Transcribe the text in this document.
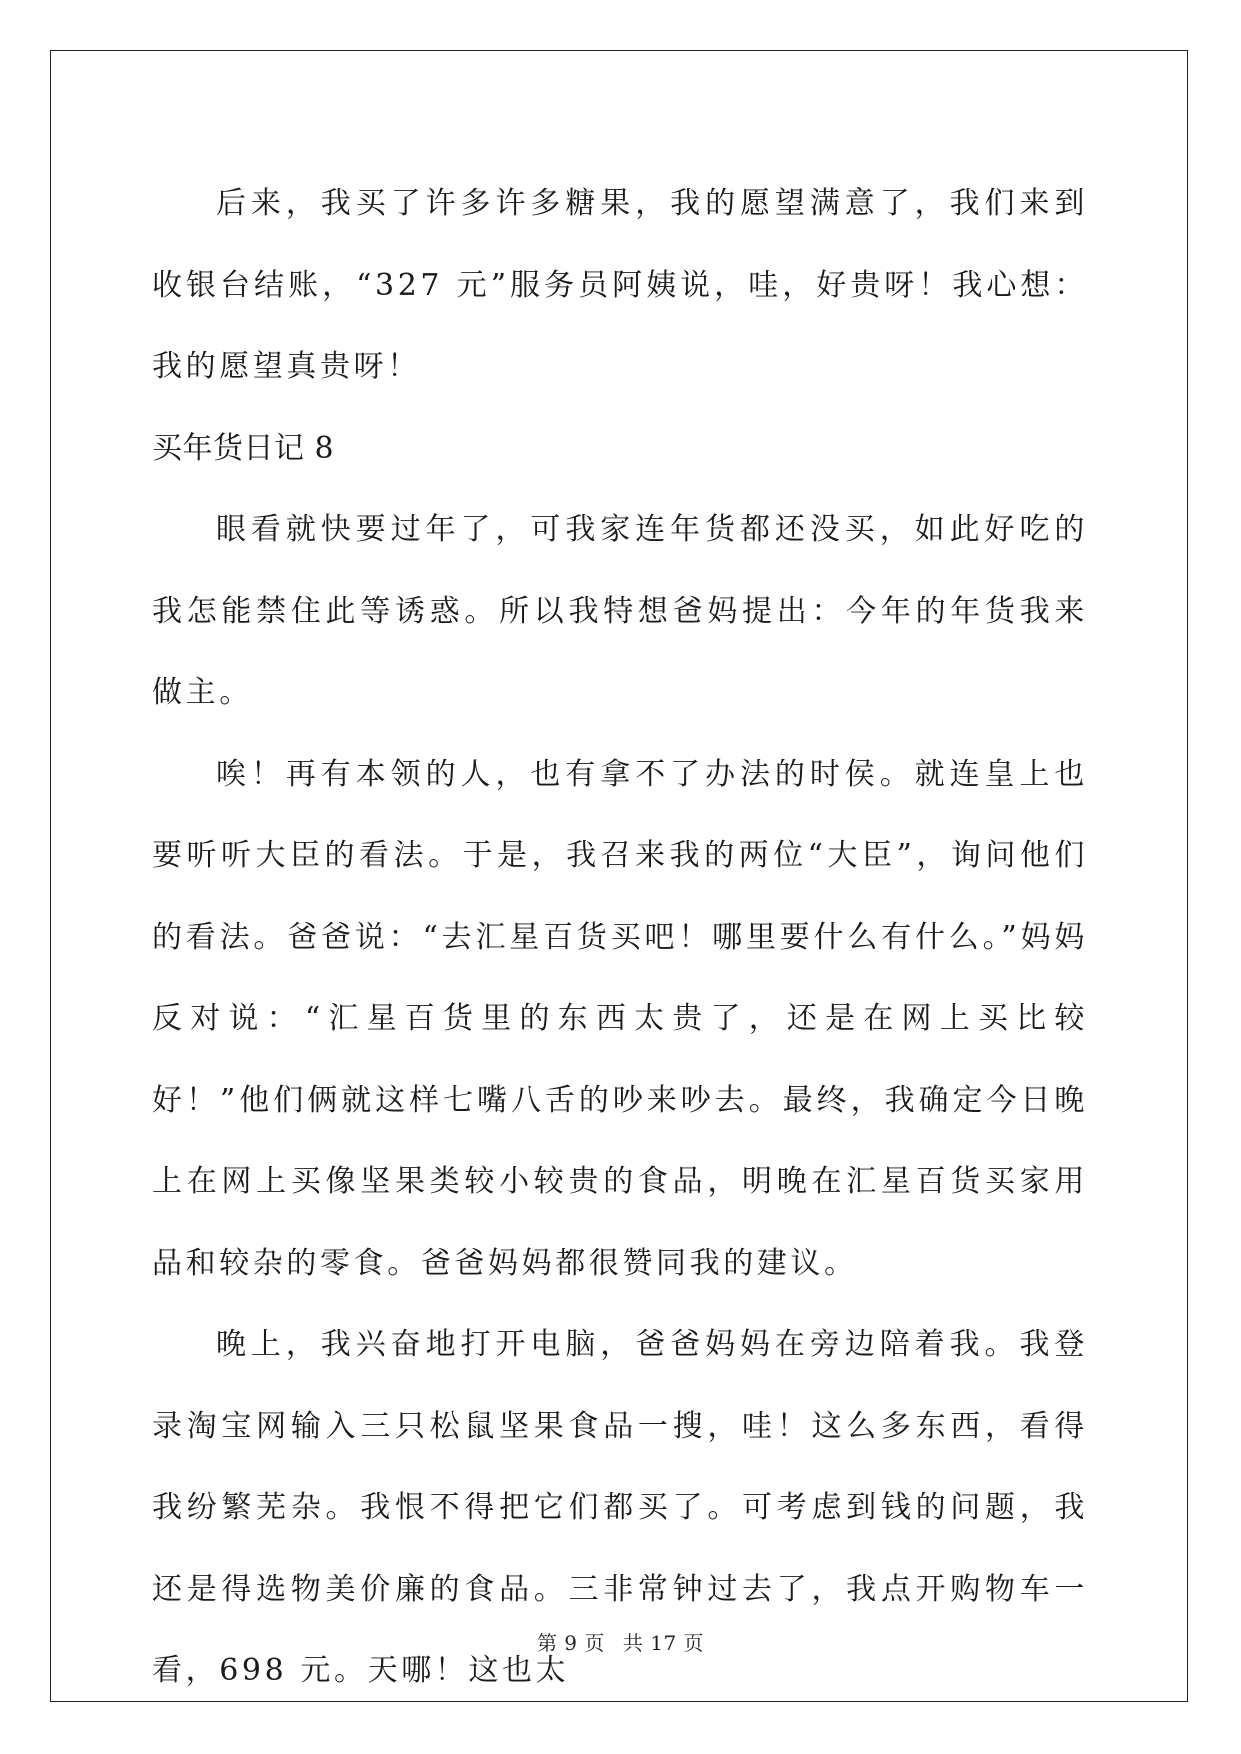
后来，我买了许多许多糖果，我的愿望满意了，我们来到收银台结账，“327 元”服务员阿姨说，哇，好贵呀！我心想：我的愿望真贵呀！

买年货日记 8

眼看就快要过年了，可我家连年货都还没买，如此好吃的我怎能禁住此等诱惑。所以我特想爸妈提出：今年的年货我来做主。

唉！再有本领的人，也有拿不了办法的时侯。就连皇上也要听听大臣的看法。于是，我召来我的两位“大臣”，询问他们的看法。爸爸说：“去汇星百货买吧！哪里要什么有什么。”妈妈反对说：“汇星百货里的东西太贵了，还是在网上买比较好！”他们俩就这样七嘴八舌的吵来吵去。最终，我确定今日晚上在网上买像坚果类较小较贵的食品，明晚在汇星百货买家用品和较杂的零食。爸爸妈妈都很赞同我的建议。

晚上，我兴奋地打开电脑，爸爸妈妈在旁边陪着我。我登录淘宝网输入三只松鼠坚果食品一搜，哇！这么多东西，看得我纷繁芜杂。我恨不得把它们都买了。可考虑到钱的问题，我还是得选物美价廉的食品。三非常钟过去了，我点开购物车一看，698 元。天哪！这也太

第 9 页 共 17 页
